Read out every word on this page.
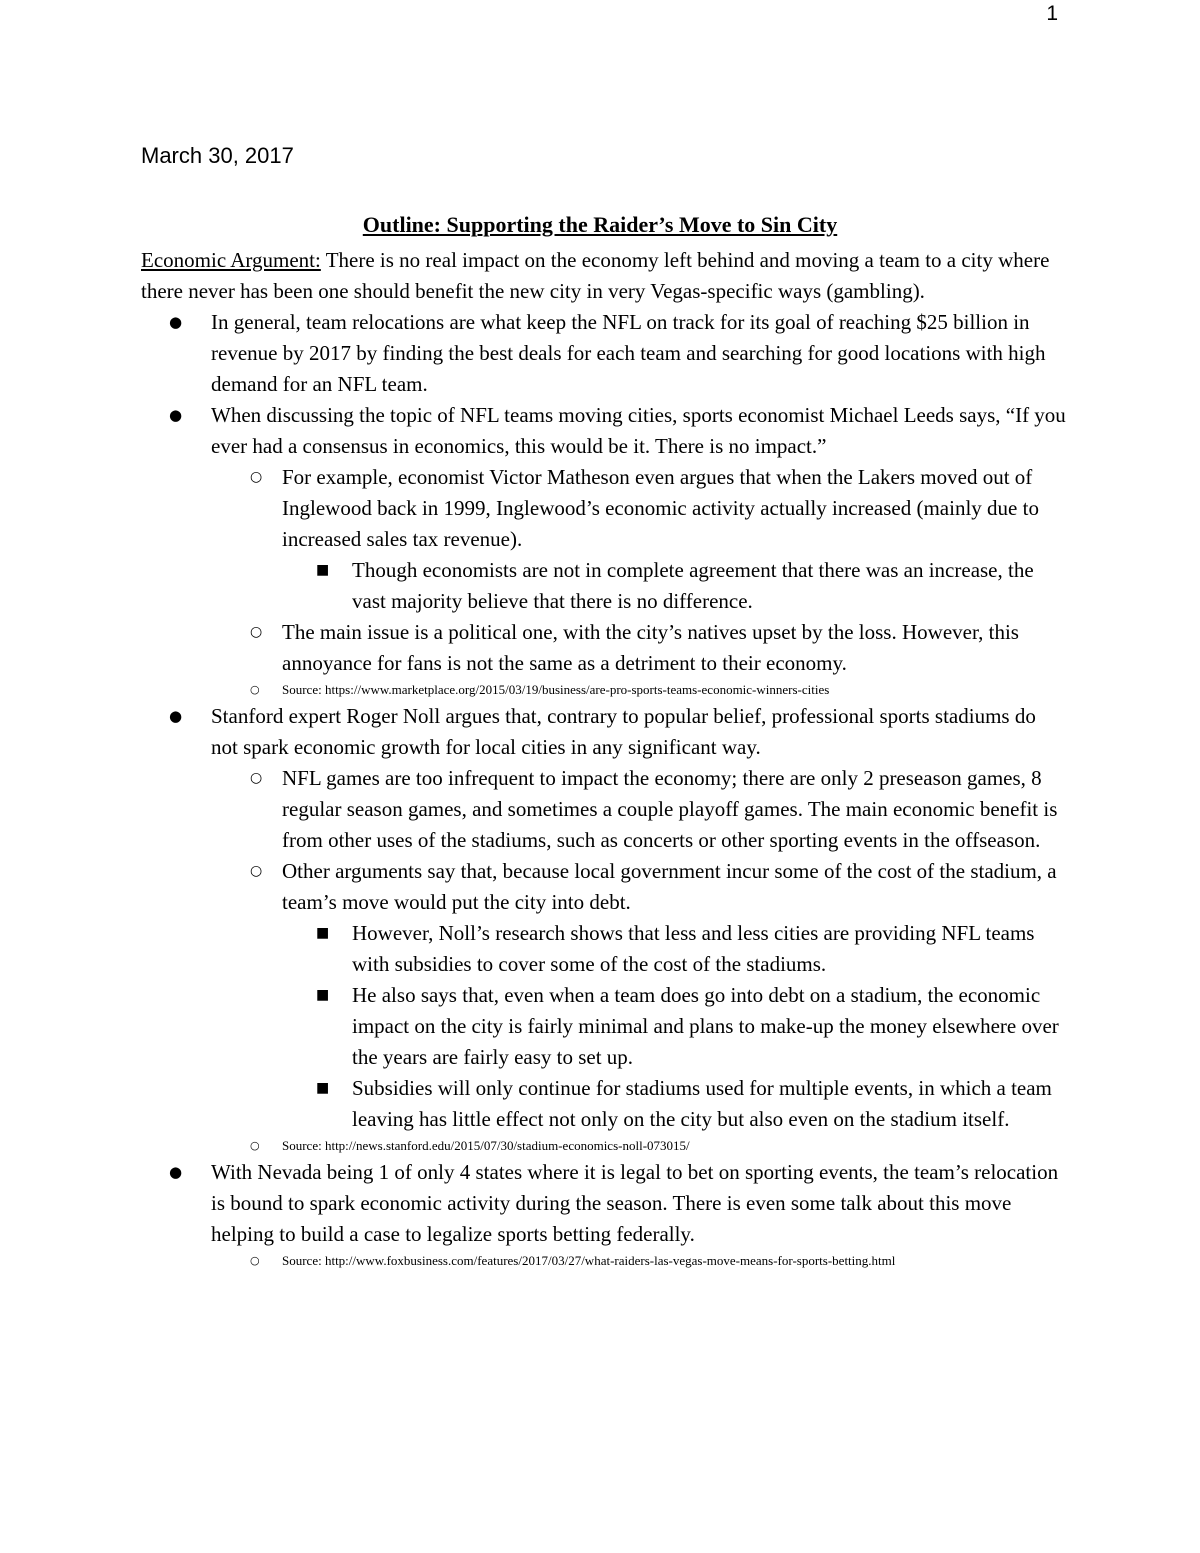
1
March 30, 2017
Outline: Supporting the Raider’s Move to Sin City

Economic Argument: There is no real impact on the economy left behind and moving a team to a city where there never has been one should benefit the new city in very Vegas-specific ways (gambling).

● In general, team relocations are what keep the NFL on track for its goal of reaching $25 billion in revenue by 2017 by finding the best deals for each team and searching for good locations with high demand for an NFL team.
● When discussing the topic of NFL teams moving cities, sports economist Michael Leeds says, “If you ever had a consensus in economics, this would be it. There is no impact.”
○ For example, economist Victor Matheson even argues that when the Lakers moved out of Inglewood back in 1999, Inglewood’s economic activity actually increased (mainly due to increased sales tax revenue).
■ Though economists are not in complete agreement that there was an increase, the vast majority believe that there is no difference.
○ The main issue is a political one, with the city’s natives upset by the loss. However, this annoyance for fans is not the same as a detriment to their economy.
○ Source: https://www.marketplace.org/2015/03/19/business/are-pro-sports-teams-economic-winners-cities
● Stanford expert Roger Noll argues that, contrary to popular belief, professional sports stadiums do not spark economic growth for local cities in any significant way.
○ NFL games are too infrequent to impact the economy; there are only 2 preseason games, 8 regular season games, and sometimes a couple playoff games. The main economic benefit is from other uses of the stadiums, such as concerts or other sporting events in the offseason.
○ Other arguments say that, because local government incur some of the cost of the stadium, a team’s move would put the city into debt.
■ However, Noll’s research shows that less and less cities are providing NFL teams with subsidies to cover some of the cost of the stadiums.
■ He also says that, even when a team does go into debt on a stadium, the economic impact on the city is fairly minimal and plans to make-up the money elsewhere over the years are fairly easy to set up.
■ Subsidies will only continue for stadiums used for multiple events, in which a team leaving has little effect not only on the city but also even on the stadium itself.
○ Source: http://news.stanford.edu/2015/07/30/stadium-economics-noll-073015/
● With Nevada being 1 of only 4 states where it is legal to bet on sporting events, the team’s relocation is bound to spark economic activity during the season. There is even some talk about this move helping to build a case to legalize sports betting federally.
○ Source: http://www.foxbusiness.com/features/2017/03/27/what-raiders-las-vegas-move-means-for-sports-betting.html
